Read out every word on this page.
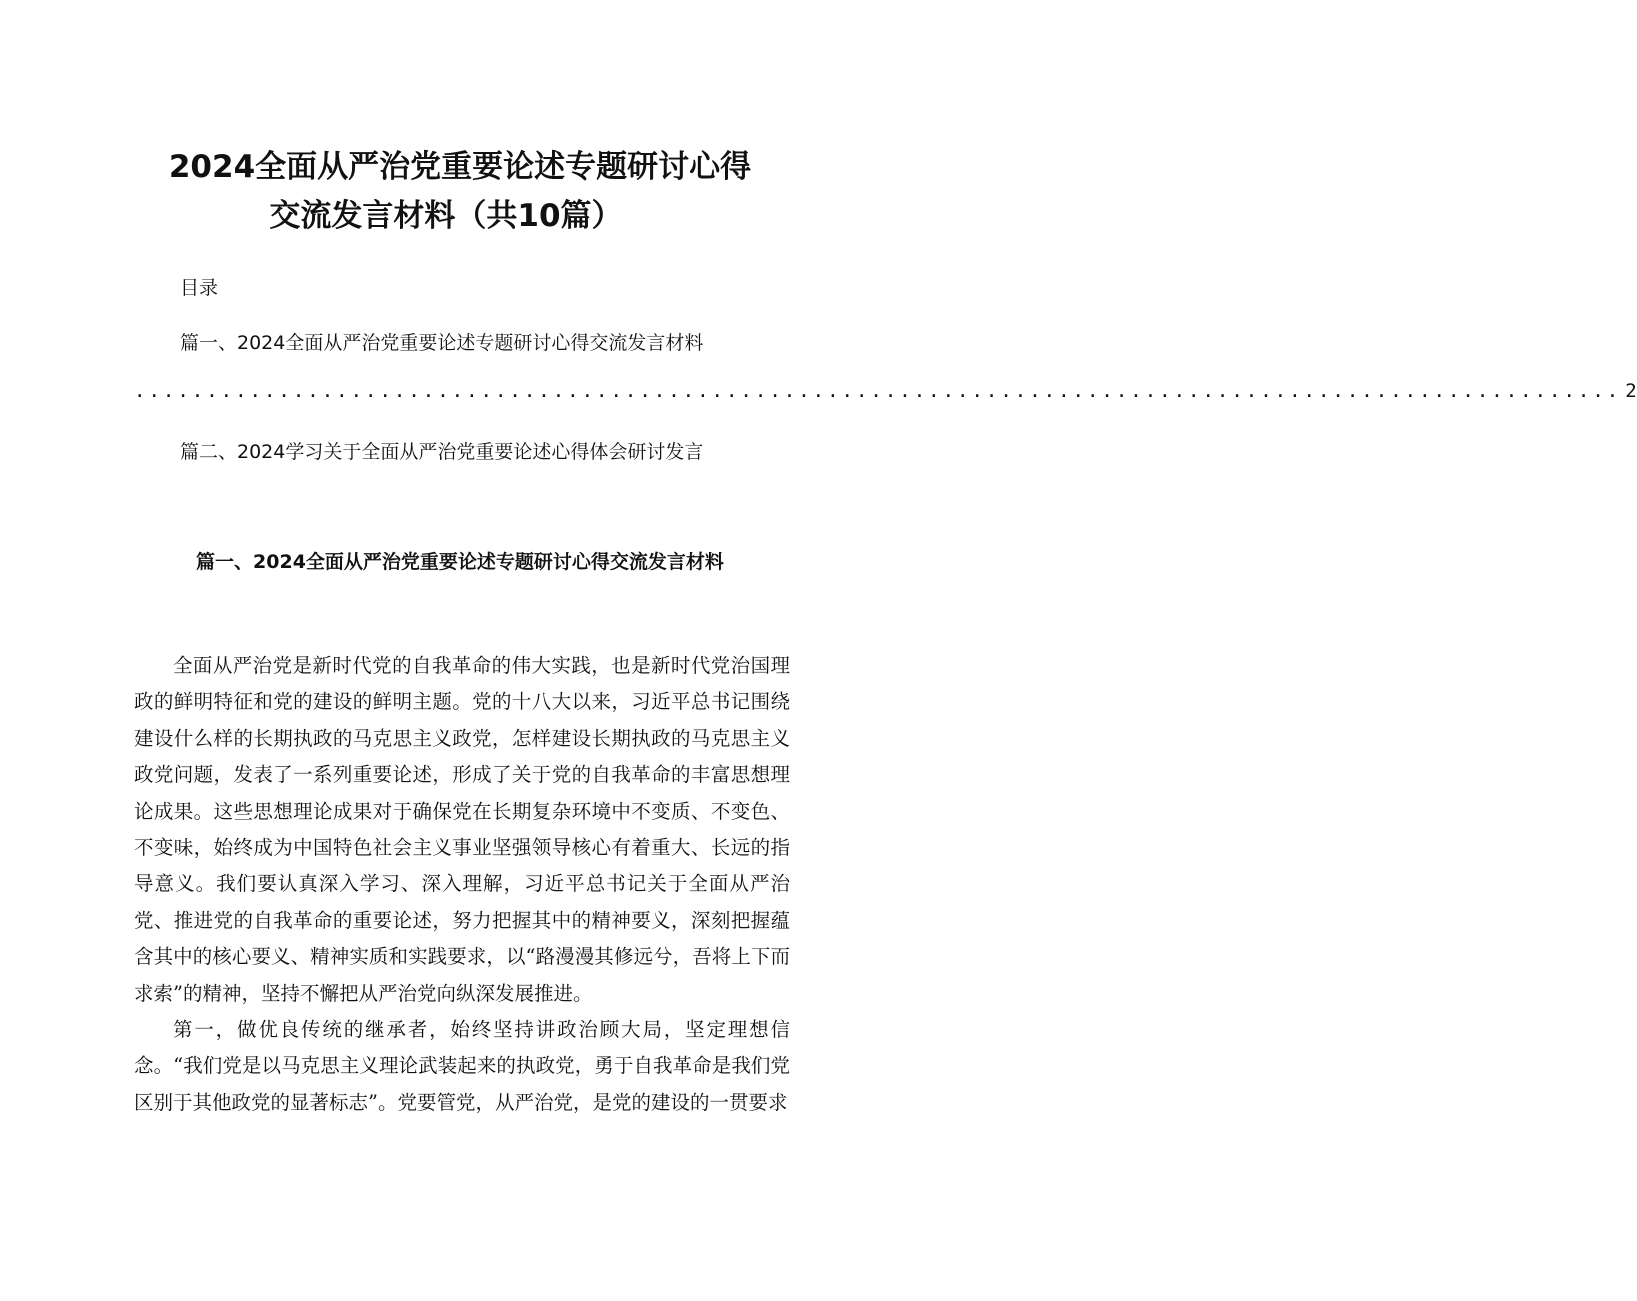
2024全面从严治党重要论述专题研讨心得
交流发言材料（共10篇）
目录
篇一、2024全面从严治党重要论述专题研讨心得交流发言材料
....................................................................................................... 2
篇二、2024学习关于全面从严治党重要论述心得体会研讨发言
篇一、2024全面从严治党重要论述专题研讨心得交流发言材料

全面从严治党是新时代党的自我革命的伟大实践，也是新时代党治国理政的鲜明特征和党的建设的鲜明主题。党的十八大以来，习近平总书记围绕建设什么样的长期执政的马克思主义政党，怎样建设长期执政的马克思主义政党问题，发表了一系列重要论述，形成了关于党的自我革命的丰富思想理论成果。这些思想理论成果对于确保党在长期复杂环境中不变质、不变色、不变味，始终成为中国特色社会主义事业坚强领导核心有着重大、长远的指导意义。我们要认真深入学习、深入理解，习近平总书记关于全面从严治党、推进党的自我革命的重要论述，努力把握其中的精神要义，深刻把握蕴含其中的核心要义、精神实质和实践要求，以“路漫漫其修远兮，吾将上下而求索”的精神，坚持不懈把从严治党向纵深发展推进。

第一，做优良传统的继承者，始终坚持讲政治顾大局，坚定理想信念。“我们党是以马克思主义理论武装起来的执政党，勇于自我革命是我们党区别于其他政党的显著标志”。党要管党，从严治党，是党的建设的一贯要求
